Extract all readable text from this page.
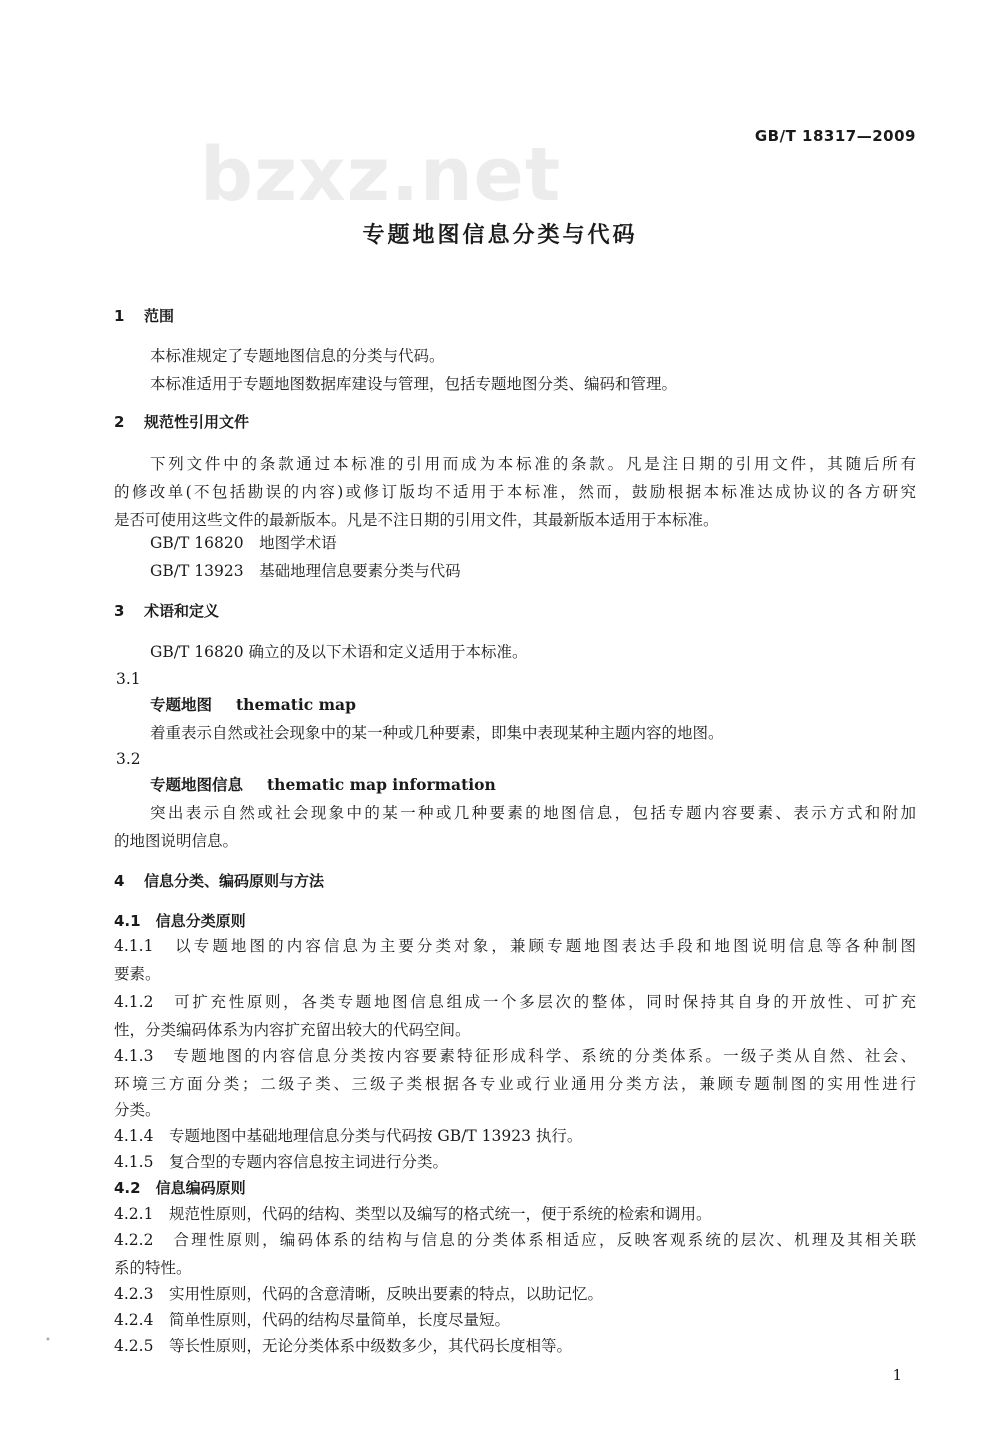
bzxz.net	GB/T 18317—2009
专题地图信息分类与代码
1 范围
本标准规定了专题地图信息的分类与代码。
本标准适用于专题地图数据库建设与管理，包括专题地图分类、编码和管理。
2 规范性引用文件
下列文件中的条款通过本标准的引用而成为本标准的条款。凡是注日期的引用文件，其随后所有
的修改单(不包括勘误的内容)或修订版均不适用于本标准，然而，鼓励根据本标准达成协议的各方研究
是否可使用这些文件的最新版本。凡是不注日期的引用文件，其最新版本适用于本标准。
GB/T 16820　地图学术语
GB/T 13923　基础地理信息要素分类与代码
3 术语和定义
GB/T 16820 确立的及以下术语和定义适用于本标准。
3.1
专题地图 thematic map
着重表示自然或社会现象中的某一种或几种要素，即集中表现某种主题内容的地图。
3.2
专题地图信息 thematic map information
突出表示自然或社会现象中的某一种或几种要素的地图信息，包括专题内容要素、表示方式和附加
的地图说明信息。
4 信息分类、编码原则与方法
4.1　信息分类原则
4.1.1　以专题地图的内容信息为主要分类对象，兼顾专题地图表达手段和地图说明信息等各种制图
要素。
4.1.2　可扩充性原则，各类专题地图信息组成一个多层次的整体，同时保持其自身的开放性、可扩充
性，分类编码体系为内容扩充留出较大的代码空间。
4.1.3　专题地图的内容信息分类按内容要素特征形成科学、系统的分类体系。一级子类从自然、社会、
环境三方面分类；二级子类、三级子类根据各专业或行业通用分类方法，兼顾专题制图的实用性进行
分类。
4.1.4　专题地图中基础地理信息分类与代码按 GB/T 13923 执行。
4.1.5　复合型的专题内容信息按主词进行分类。
4.2　信息编码原则
4.2.1　规范性原则，代码的结构、类型以及编写的格式统一，便于系统的检索和调用。
4.2.2　合理性原则，编码体系的结构与信息的分类体系相适应，反映客观系统的层次、机理及其相关联
系的特性。
4.2.3　实用性原则，代码的含意清晰，反映出要素的特点，以助记忆。
4.2.4　简单性原则，代码的结构尽量简单，长度尽量短。
4.2.5　等长性原则，无论分类体系中级数多少，其代码长度相等。
•
1
